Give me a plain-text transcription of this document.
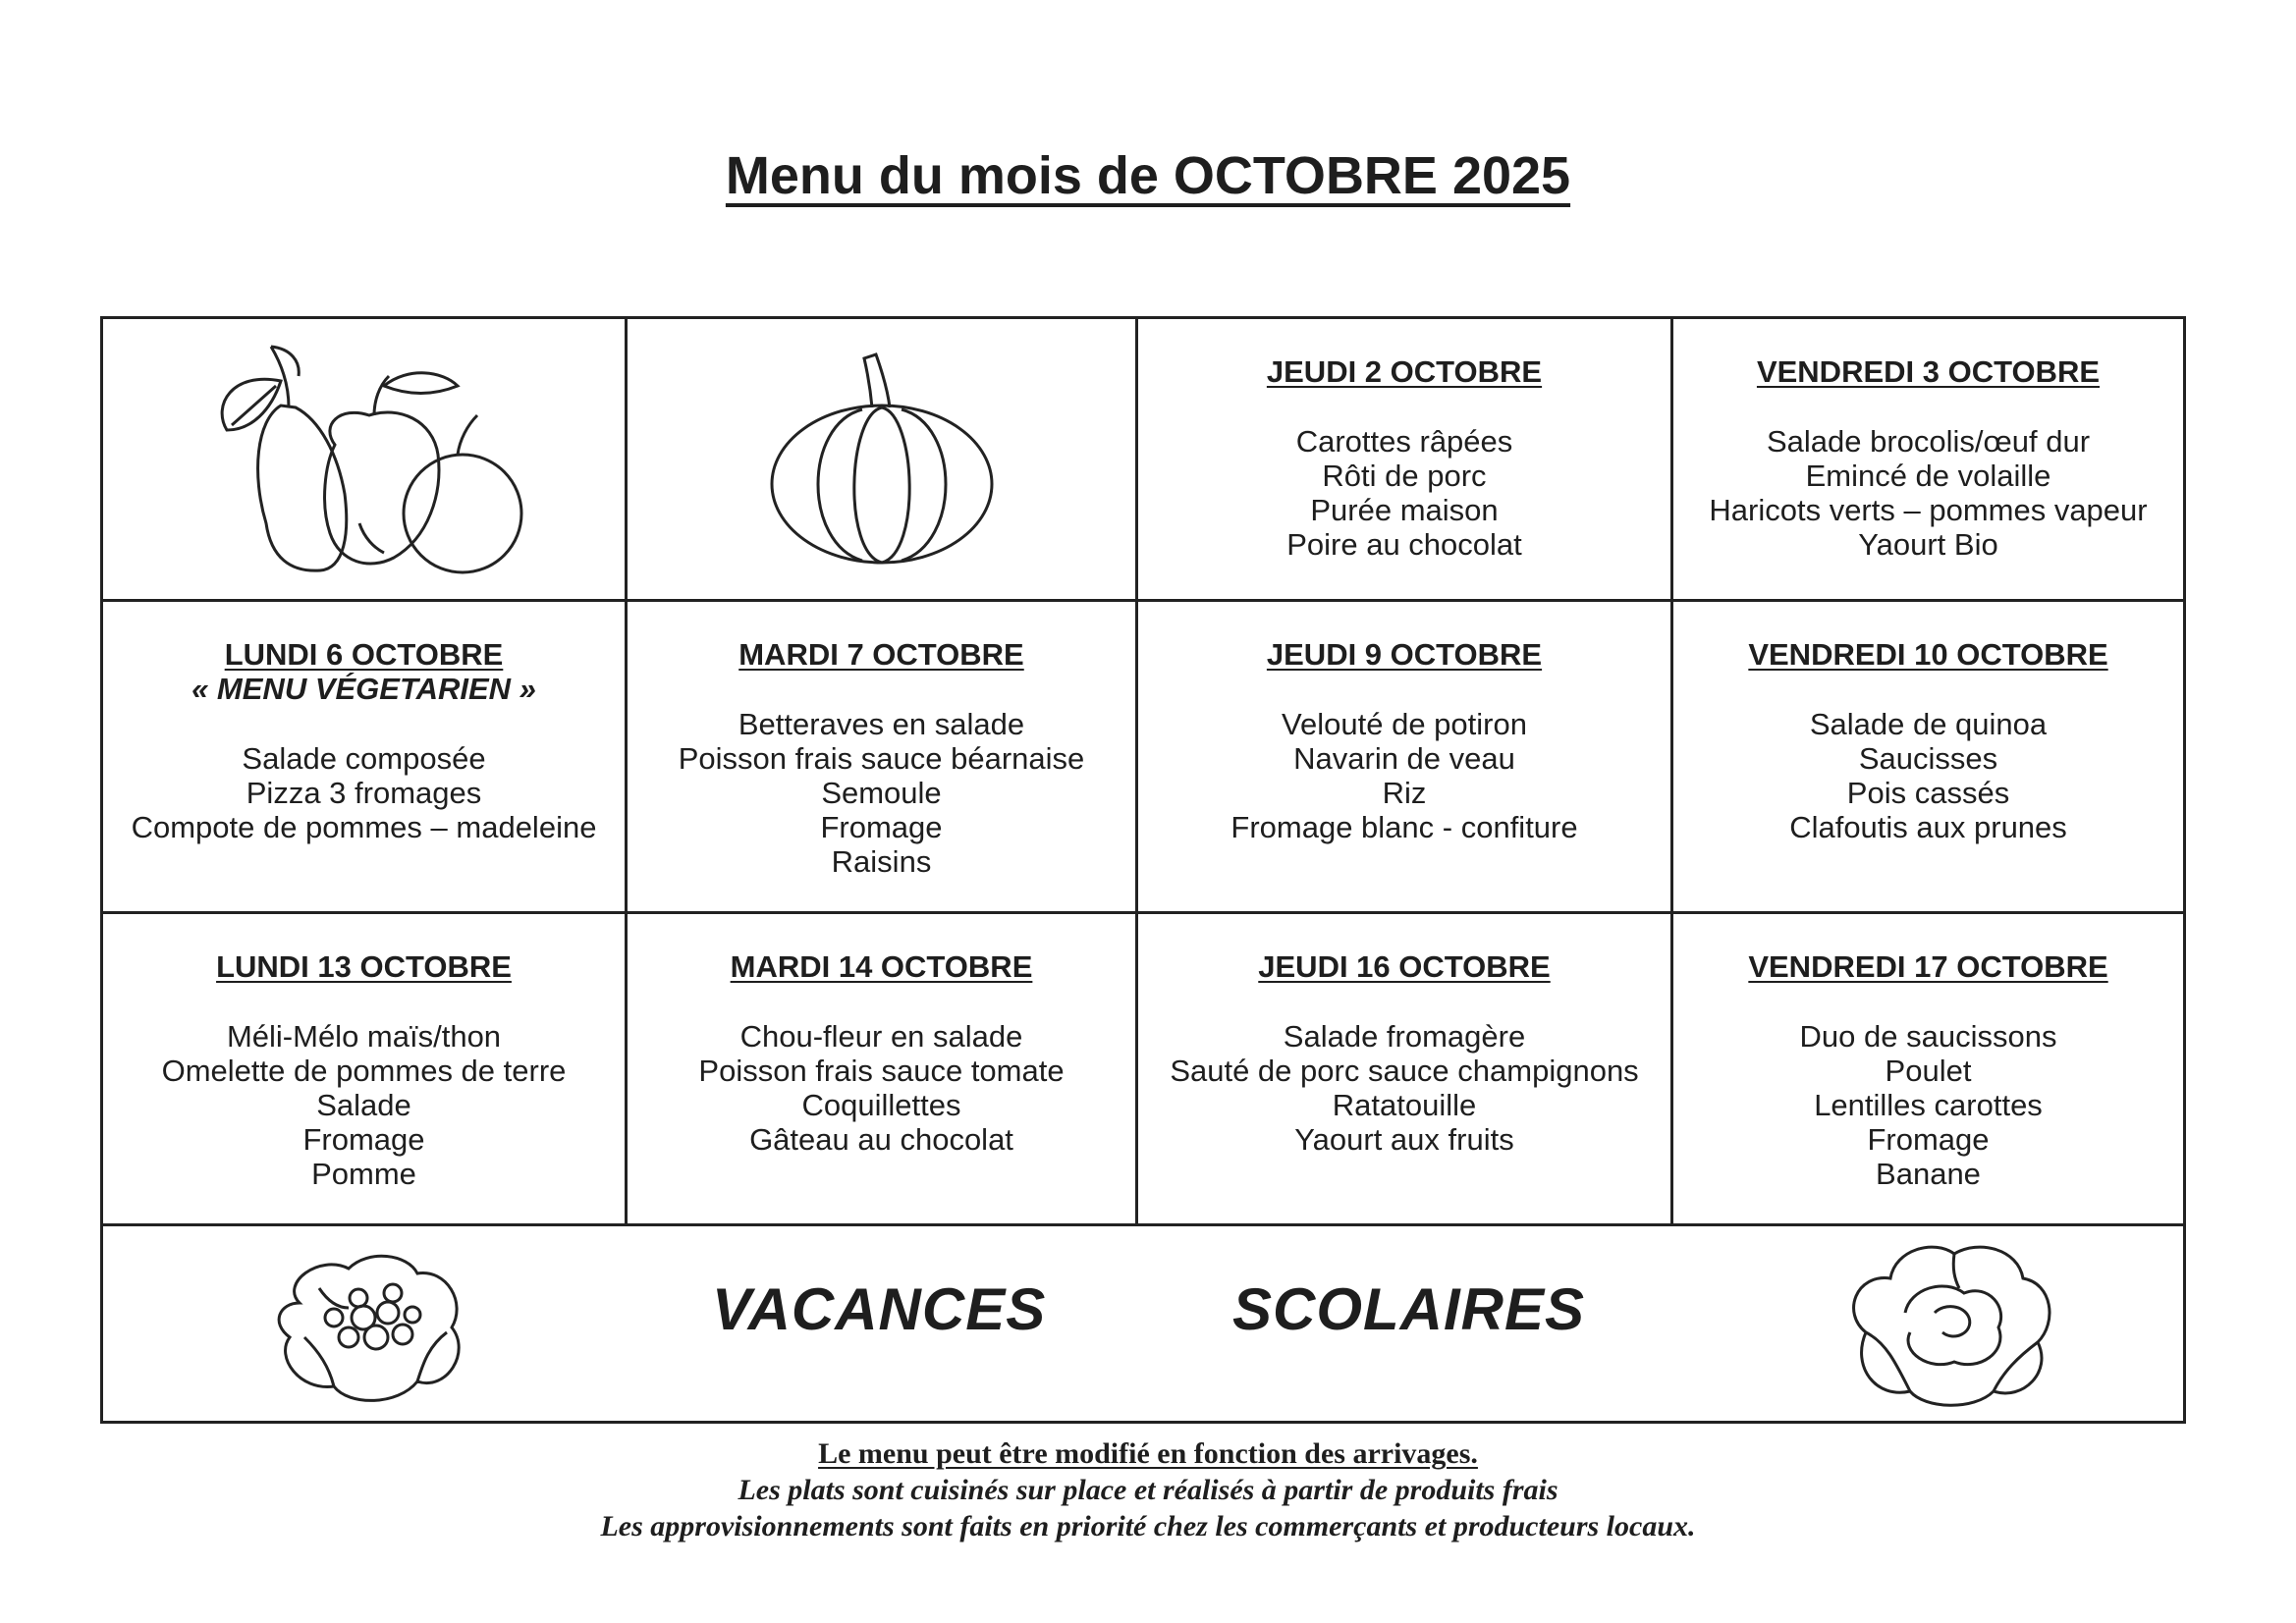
Menu du mois de OCTOBRE 2025
JEUDI 2 OCTOBRE
Carottes râpées
Rôti de porc
Purée maison
Poire au chocolat
VENDREDI 3 OCTOBRE
Salade brocolis/œuf dur
Emincé de volaille
Haricots verts – pommes vapeur
Yaourt Bio
LUNDI 6 OCTOBRE
« MENU VÉGETARIEN »
Salade composée
Pizza 3 fromages
Compote de pommes – madeleine
MARDI 7 OCTOBRE
Betteraves en salade
Poisson frais sauce béarnaise
Semoule
Fromage
Raisins
JEUDI 9 OCTOBRE
Velouté de potiron
Navarin de veau
Riz
Fromage blanc - confiture
VENDREDI 10 OCTOBRE
Salade de quinoa
Saucisses
Pois cassés
Clafoutis aux prunes
LUNDI 13 OCTOBRE
Méli-Mélo maïs/thon
Omelette de pommes de terre
Salade
Fromage
Pomme
MARDI 14 OCTOBRE
Chou-fleur en salade
Poisson frais sauce tomate
Coquillettes
Gâteau au chocolat
JEUDI 16 OCTOBRE
Salade fromagère
Sauté de porc sauce champignons
Ratatouille
Yaourt aux fruits
VENDREDI 17 OCTOBRE
Duo de saucissons
Poulet
Lentilles carottes
Fromage
Banane
VACANCES	SCOLAIRES
Le menu peut être modifié en fonction des arrivages.
Les plats sont cuisinés sur place et réalisés à partir de produits frais
Les approvisionnements sont faits en priorité chez les commerçants et producteurs locaux.
